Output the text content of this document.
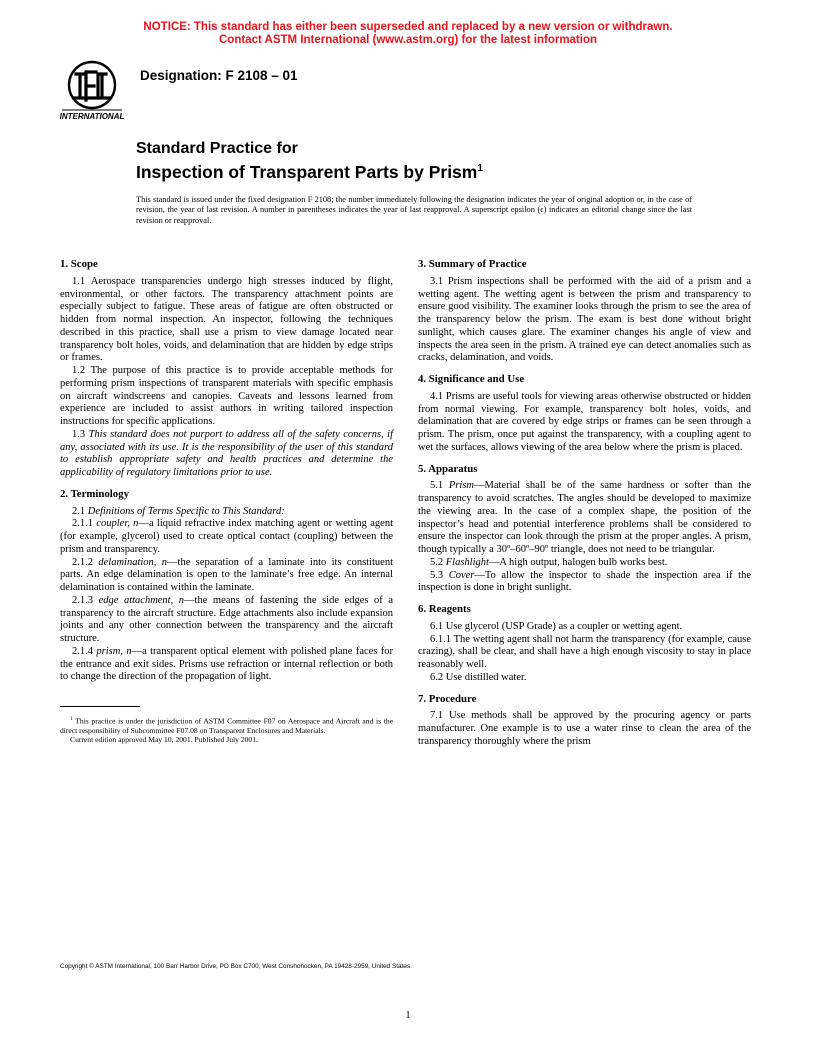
NOTICE: This standard has either been superseded and replaced by a new version or withdrawn.
Contact ASTM International (www.astm.org) for the latest information
INTERNATIONAL
Designation: F 2108 – 01
Standard Practice for
Inspection of Transparent Parts by Prism$^1$
This standard is issued under the fixed designation F 2108; the number immediately following the designation indicates the year of original adoption or, in the case of revision, the year of last revision. A number in parentheses indicates the year of last reapproval. A superscript epsilon (ϵ) indicates an editorial change since the last revision or reapproval.
1. Scope

1.1 Aerospace transparencies undergo high stresses induced by flight, environmental, or other factors. The transparency attachment points are especially subject to fatigue. These areas of fatigue are often obstructed or hidden from normal inspection. An inspector, following the techniques described in this practice, shall use a prism to view damage located near transparency bolt holes, voids, and delamination that are hidden by edge strips or frames.

1.2 The purpose of this practice is to provide acceptable methods for performing prism inspections of transparent materials with specific emphasis on aircraft windscreens and canopies. Caveats and lessons learned from experience are included to assist authors in writing tailored inspection instructions for specific applications.

1.3 This standard does not purport to address all of the safety concerns, if any, associated with its use. It is the responsibility of the user of this standard to establish appropriate safety and health practices and determine the applicability of regulatory limitations prior to use.

2. Terminology

2.1 Definitions of Terms Specific to This Standard:

2.1.1 coupler, n—a liquid refractive index matching agent or wetting agent (for example, glycerol) used to create optical contact (coupling) between the prism and transparency.

2.1.2 delamination, n—the separation of a laminate into its constituent parts. An edge delamination is open to the laminate’s free edge. An internal delamination is contained within the laminate.

2.1.3 edge attachment, n—the means of fastening the side edges of a transparency to the aircraft structure. Edge attachments also include expansion joints and any other connection between the transparency and the aircraft structure.

2.1.4 prism, n—a transparent optical element with polished plane faces for the entrance and exit sides. Prisms use refraction or internal reflection or both to change the direction of the propagation of light.

$^1$ This practice is under the jurisdiction of ASTM Committee F07 on Aerospace and Aircraft and is the direct responsibility of Subcommittee F07.08 on Transparent Enclosures and Materials.

Current edition approved May 10, 2001. Published July 2001.

3. Summary of Practice

3.1 Prism inspections shall be performed with the aid of a prism and a wetting agent. The wetting agent is between the prism and transparency to ensure good visibility. The examiner looks through the prism to see the area of the transparency below the prism. The exam is best done without bright sunlight, which causes glare. The examiner changes his angle of view and inspects the area seen in the prism. A trained eye can detect anomalies such as cracks, delamination, and voids.

4. Significance and Use

4.1 Prisms are useful tools for viewing areas otherwise obstructed or hidden from normal viewing. For example, transparency bolt holes, voids, and delamination that are covered by edge strips or frames can be seen through a prism. The prism, once put against the transparency, with a coupling agent to wet the surfaces, allows viewing of the area below where the prism is placed.

5. Apparatus

5.1 Prism—Material shall be of the same hardness or softer than the transparency to avoid scratches. The angles should be developed to maximize the viewing area. In the case of a complex shape, the position of the inspector’s head and potential interference problems shall be considered to ensure the inspector can look through the prism at the proper angles. A prism, though typically a 30º–60º–90º triangle, does not need to be triangular.

5.2 Flashlight—A high output, halogen bulb works best.

5.3 Cover—To allow the inspector to shade the inspection area if the inspection is done in bright sunlight.

6. Reagents

6.1 Use glycerol (USP Grade) as a coupler or wetting agent.

6.1.1 The wetting agent shall not harm the transparency (for example, cause crazing), shall be clear, and shall have a high enough viscosity to stay in place reasonably well.

6.2 Use distilled water.

7. Procedure

7.1 Use methods shall be approved by the procuring agency or parts manufacturer. One example is to use a water rinse to clean the area of the transparency thoroughly where the prism

Copyright © ASTM International, 100 Barr Harbor Drive, PO Box C700, West Conshohocken, PA 19428-2959, United States.
1
